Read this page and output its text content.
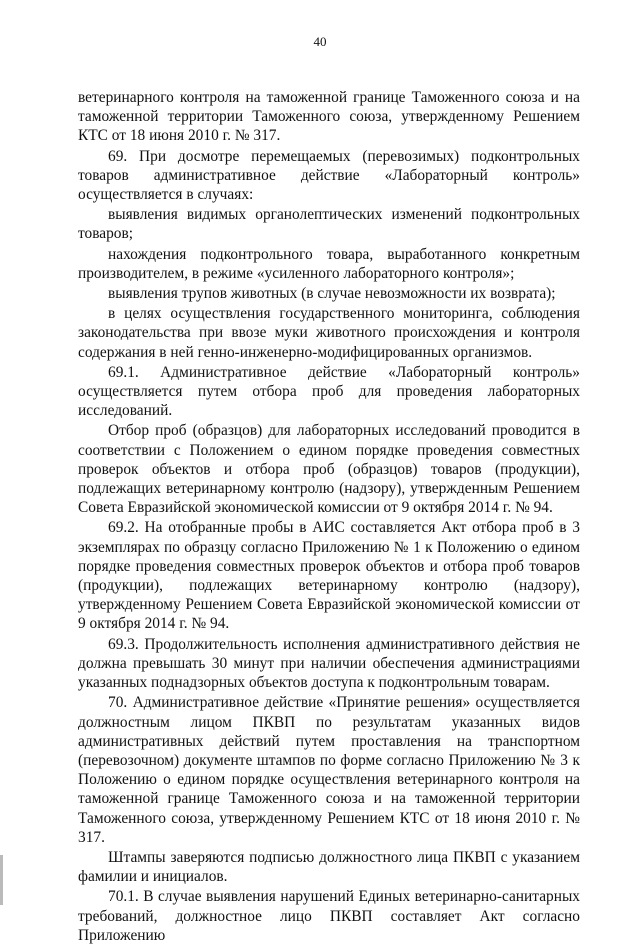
40

ветеринарного контроля на таможенной границе Таможенного союза и на таможенной территории Таможенного союза, утвержденному Решением КТС от 18 июня 2010 г. № 317.

69. При досмотре перемещаемых (перевозимых) подконтрольных товаров административное действие «Лабораторный контроль» осуществляется в случаях:

выявления видимых органолептических изменений подконтрольных товаров;

нахождения подконтрольного товара, выработанного конкретным производителем, в режиме «усиленного лабораторного контроля»;

выявления трупов животных (в случае невозможности их возврата);

в целях осуществления государственного мониторинга, соблюдения законодательства при ввозе муки животного происхождения и контроля содержания в ней генно-инженерно-модифицированных организмов.

69.1. Административное действие «Лабораторный контроль» осуществляется путем отбора проб для проведения лабораторных исследований.

Отбор проб (образцов) для лабораторных исследований проводится в соответствии с Положением о едином порядке проведения совместных проверок объектов и отбора проб (образцов) товаров (продукции), подлежащих ветеринарному контролю (надзору), утвержденным Решением Совета Евразийской экономической комиссии от 9 октября 2014 г. № 94.

69.2. На отобранные пробы в АИС составляется Акт отбора проб в 3 экземплярах по образцу согласно Приложению № 1 к Положению о едином порядке проведения совместных проверок объектов и отбора проб товаров (продукции), подлежащих ветеринарному контролю (надзору), утвержденному Решением Совета Евразийской экономической комиссии от 9 октября 2014 г. № 94.

69.3. Продолжительность исполнения административного действия не должна превышать 30 минут при наличии обеспечения администрациями указанных поднадзорных объектов доступа к подконтрольным товарам.

70. Административное действие «Принятие решения» осуществляется должностным лицом ПКВП по результатам указанных видов административных действий путем проставления на транспортном (перевозочном) документе штампов по форме согласно Приложению № 3 к Положению о едином порядке осуществления ветеринарного контроля на таможенной границе Таможенного союза и на таможенной территории Таможенного союза, утвержденному Решением КТС от 18 июня 2010 г. № 317.

Штампы заверяются подписью должностного лица ПКВП с указанием фамилии и инициалов.

70.1. В случае выявления нарушений Единых ветеринарно-санитарных требований, должностное лицо ПКВП составляет Акт согласно Приложению
